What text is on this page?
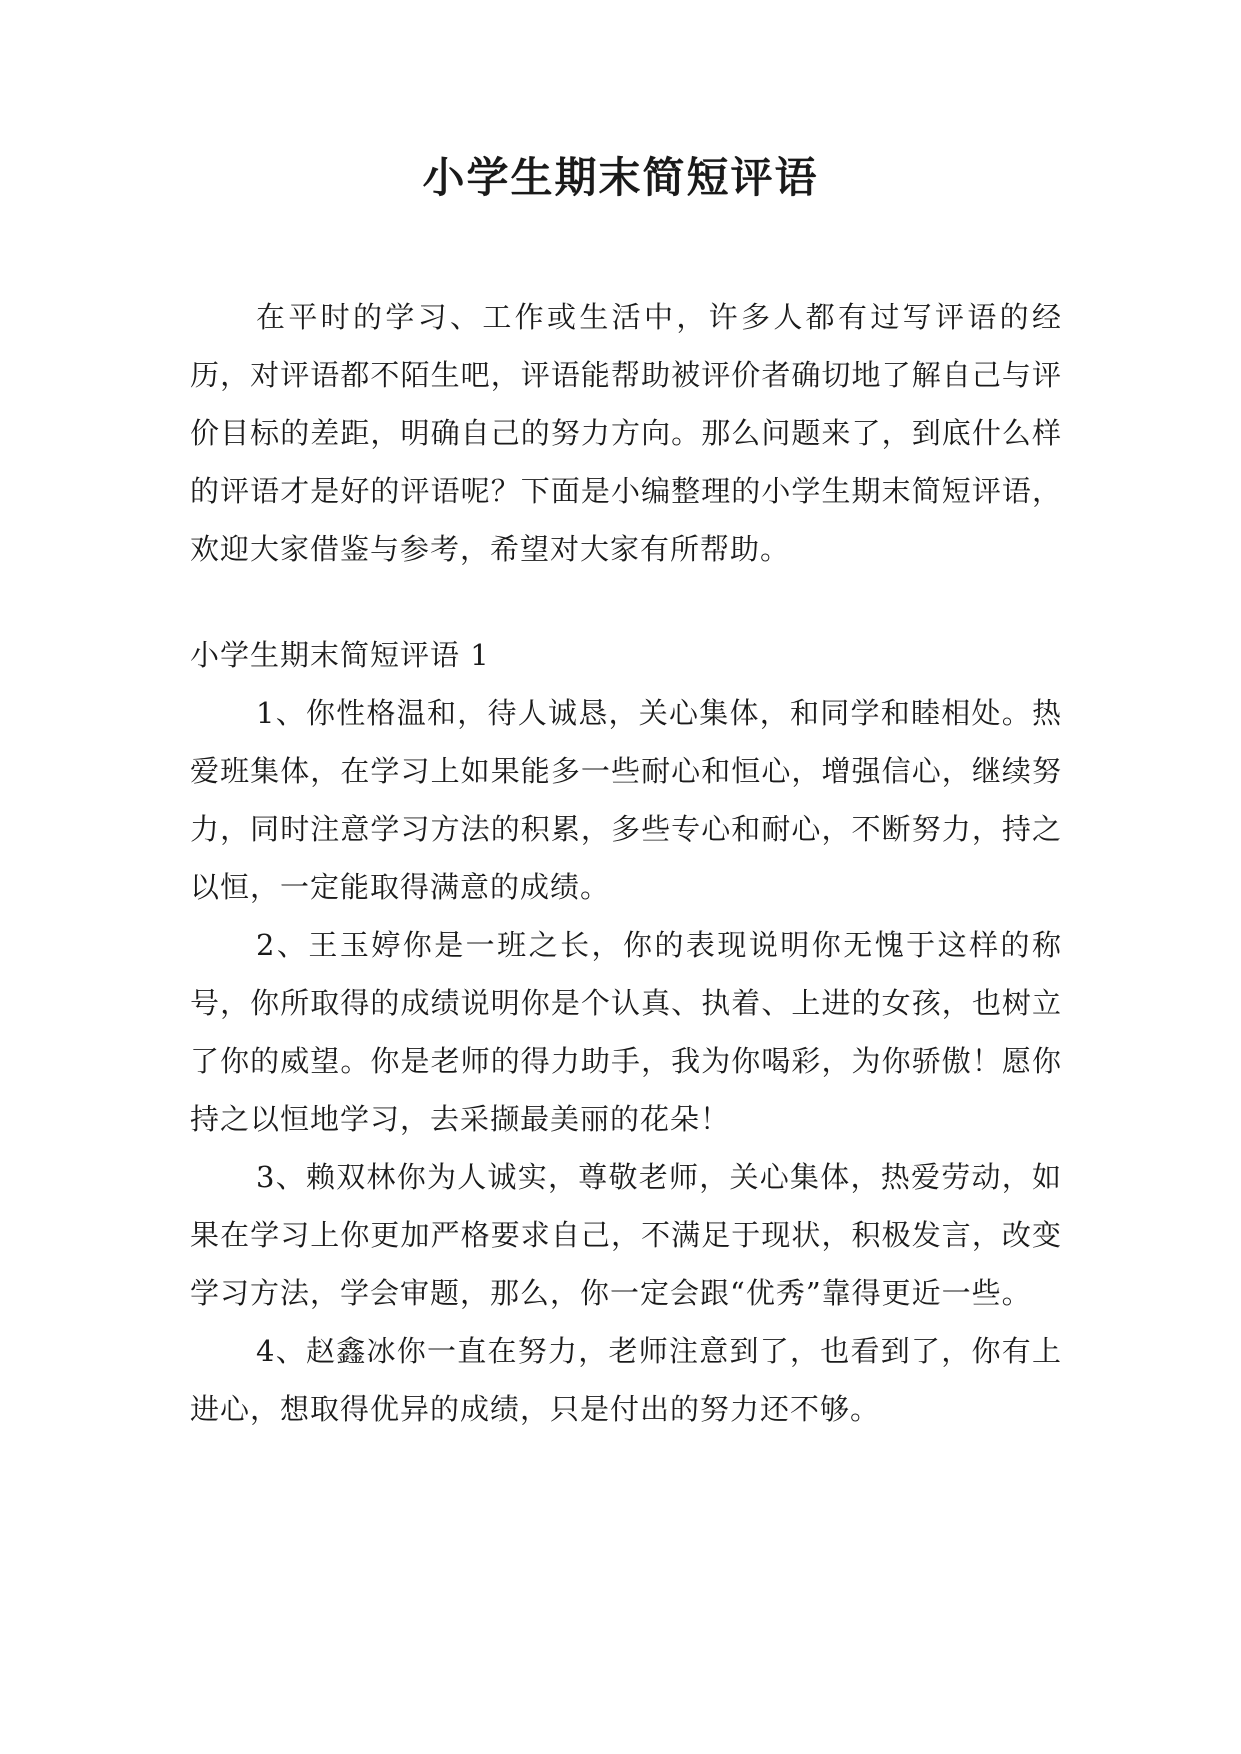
小学生期末简短评语

在平时的学习、工作或生活中，许多人都有过写评语的经历，对评语都不陌生吧，评语能帮助被评价者确切地了解自己与评价目标的差距，明确自己的努力方向。那么问题来了，到底什么样的评语才是好的评语呢？下面是小编整理的小学生期末简短评语，欢迎大家借鉴与参考，希望对大家有所帮助。

小学生期末简短评语 1

1、你性格温和，待人诚恳，关心集体，和同学和睦相处。热爱班集体，在学习上如果能多一些耐心和恒心，增强信心，继续努力，同时注意学习方法的积累，多些专心和耐心，不断努力，持之以恒，一定能取得满意的成绩。

2、王玉婷你是一班之长，你的表现说明你无愧于这样的称号，你所取得的成绩说明你是个认真、执着、上进的女孩，也树立了你的威望。你是老师的得力助手，我为你喝彩，为你骄傲！愿你持之以恒地学习，去采撷最美丽的花朵！

3、赖双林你为人诚实，尊敬老师，关心集体，热爱劳动，如果在学习上你更加严格要求自己，不满足于现状，积极发言，改变学习方法，学会审题，那么，你一定会跟“优秀”靠得更近一些。

4、赵鑫冰你一直在努力，老师注意到了，也看到了，你有上进心，想取得优异的成绩，只是付出的努力还不够。
